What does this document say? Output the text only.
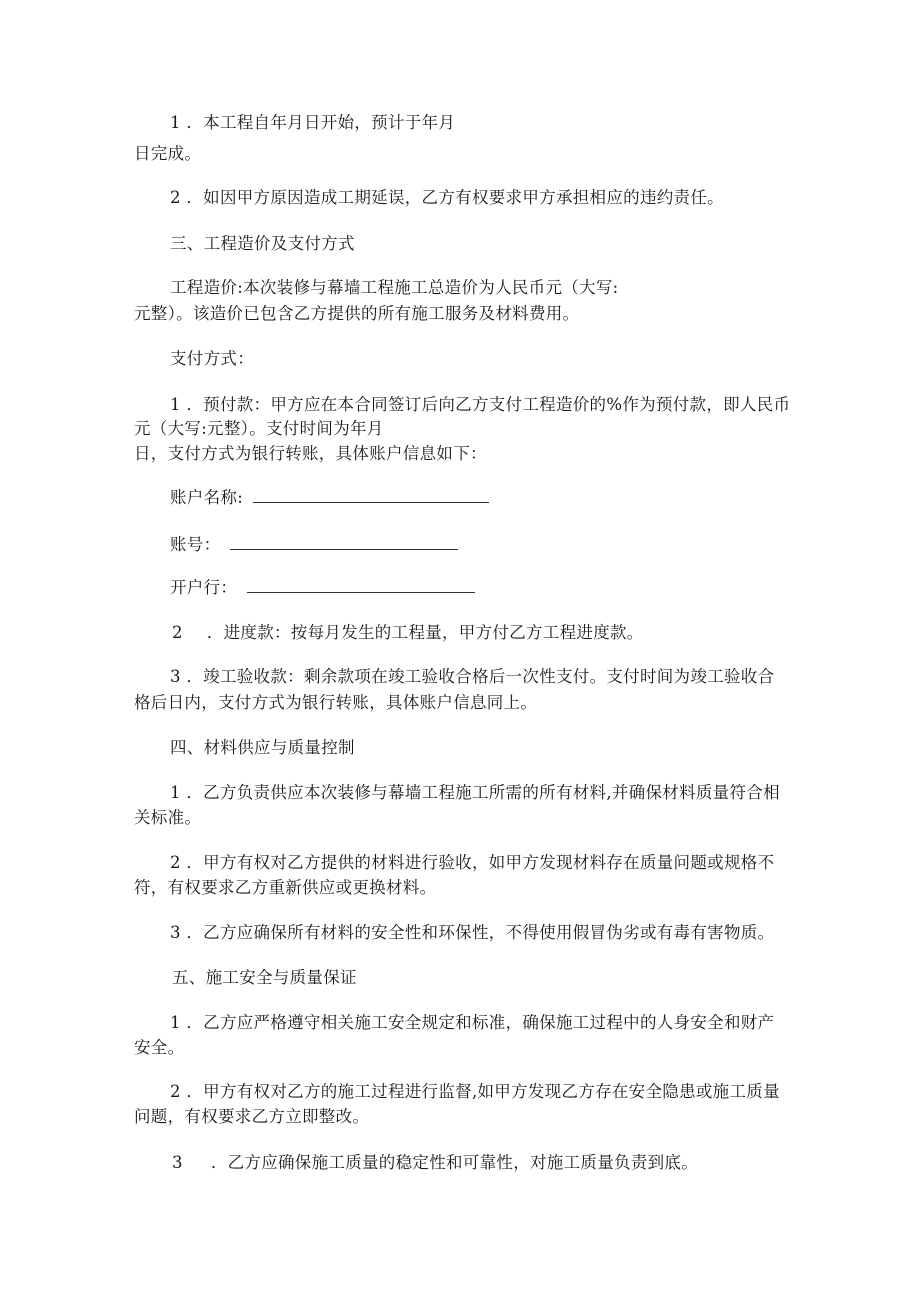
1 ．本工程自年月日开始，预计于年月
日完成。
2 ．如因甲方原因造成工期延误，乙方有权要求甲方承担相应的违约责任。
三、工程造价及支付方式
工程造价:本次装修与幕墙工程施工总造价为人民币元（大写:
元整）。该造价已包含乙方提供的所有施工服务及材料费用。
支付方式：
1 ．预付款：甲方应在本合同签订后向乙方支付工程造价的%作为预付款，即人民币
元（大写:元整）。支付时间为年月
日，支付方式为银行转账，具体账户信息如下：
账户名称:
账号：
开户行：
2 ．进度款：按每月发生的工程量，甲方付乙方工程进度款。
3 ．竣工验收款：剩余款项在竣工验收合格后一次性支付。支付时间为竣工验收合
格后日内，支付方式为银行转账，具体账户信息同上。
四、材料供应与质量控制
1 ．乙方负责供应本次装修与幕墙工程施工所需的所有材料,并确保材料质量符合相
关标准。
2 ．甲方有权对乙方提供的材料进行验收，如甲方发现材料存在质量问题或规格不
符，有权要求乙方重新供应或更换材料。
3 ．乙方应确保所有材料的安全性和环保性，不得使用假冒伪劣或有毒有害物质。
五、施工安全与质量保证
1 ．乙方应严格遵守相关施工安全规定和标准，确保施工过程中的人身安全和财产
安全。
2 ．甲方有权对乙方的施工过程进行监督,如甲方发现乙方存在安全隐患或施工质量
问题，有权要求乙方立即整改。
3 ．乙方应确保施工质量的稳定性和可靠性，对施工质量负责到底。
